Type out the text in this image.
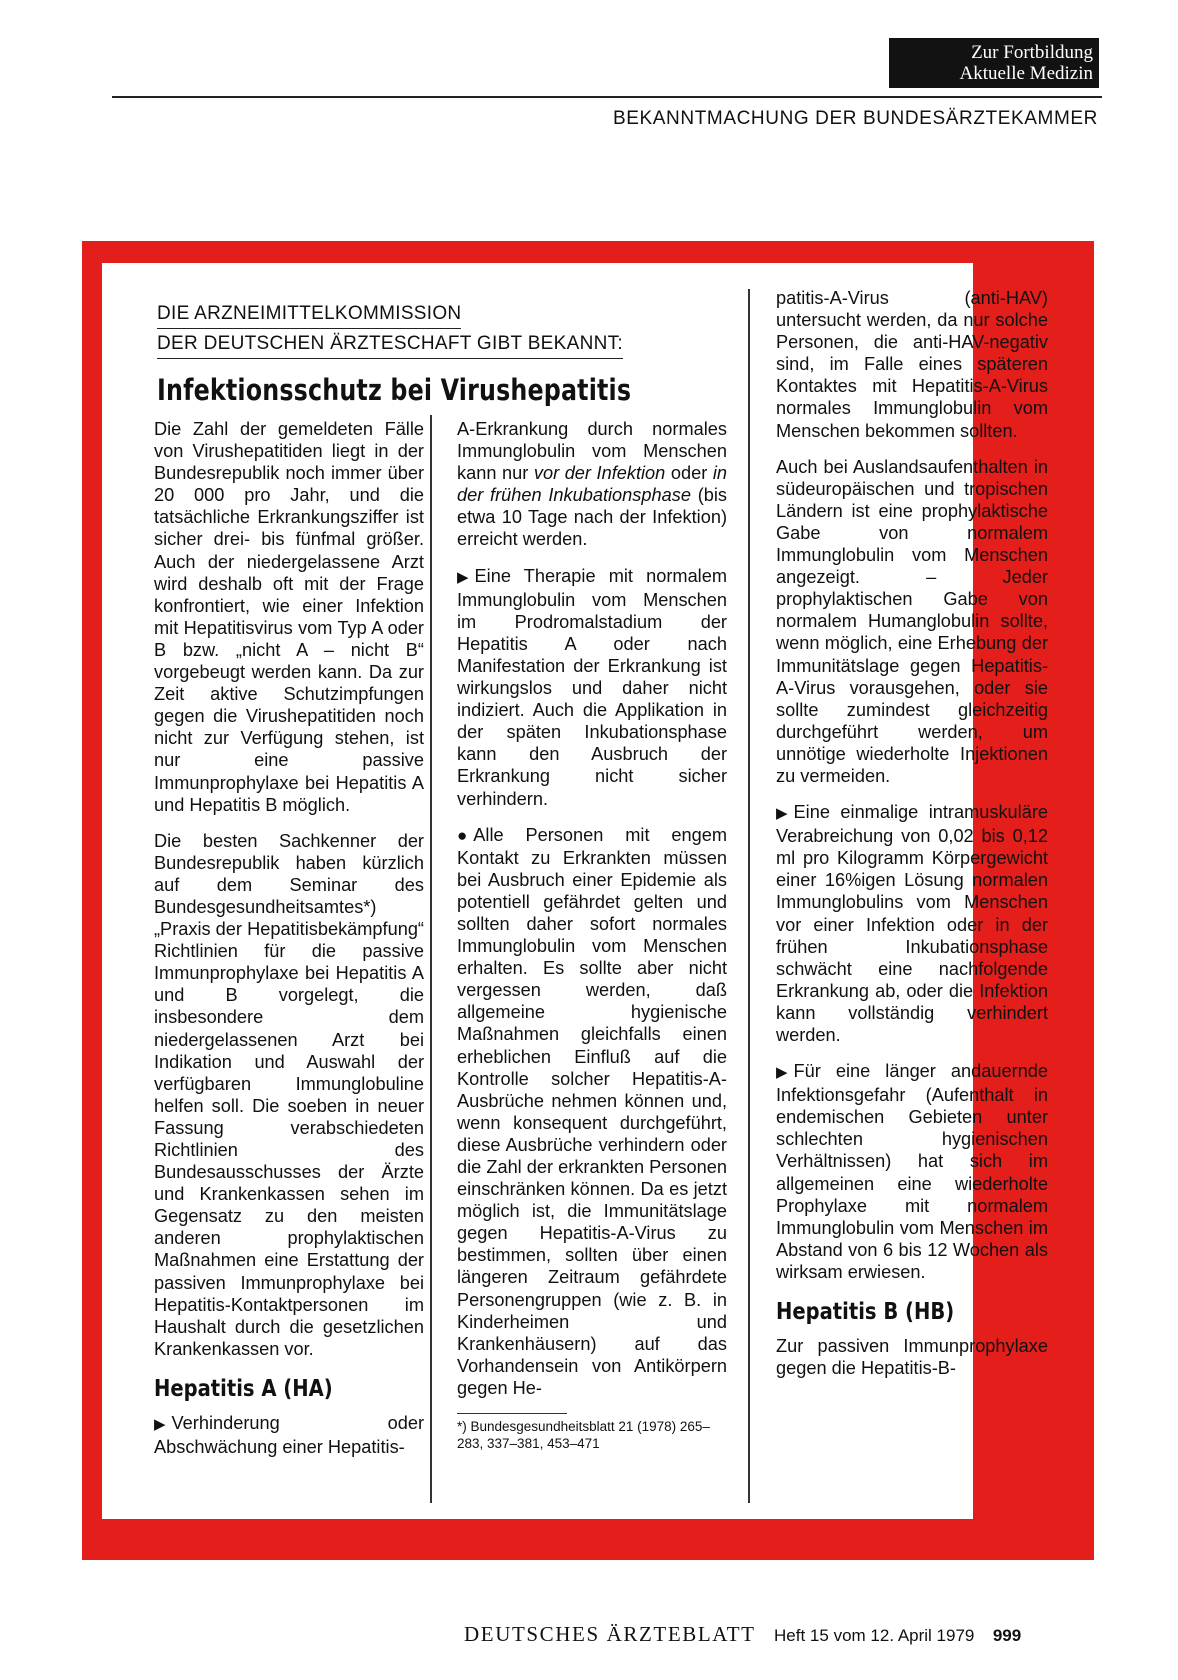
Zur Fortbildung
Aktuelle Medizin
BEKANNTMACHUNG DER BUNDESÄRZTEKAMMER
DIE ARZNEIMITTELKOMMISSION
DER DEUTSCHEN ÄRZTESCHAFT GIBT BEKANNT:
Infektionsschutz bei Virushepatitis

Die Zahl der gemeldeten Fälle von Virushepatitiden liegt in der Bundesrepublik noch immer über 20 000 pro Jahr, und die tatsächliche Erkrankungsziffer ist sicher drei- bis fünfmal größer. Auch der niedergelassene Arzt wird deshalb oft mit der Frage konfrontiert, wie einer Infektion mit Hepatitisvirus vom Typ A oder B bzw. „nicht A – nicht B“ vorgebeugt werden kann. Da zur Zeit aktive Schutzimpfungen gegen die Virushepatitiden noch nicht zur Verfügung stehen, ist nur eine passive Immunprophylaxe bei Hepatitis A und Hepatitis B möglich.

Die besten Sachkenner der Bundesrepublik haben kürzlich auf dem Seminar des Bundesgesundheitsamtes*) „Praxis der Hepatitisbekämpfung“ Richtlinien für die passive Immunprophylaxe bei Hepatitis A und B vorgelegt, die insbesondere dem niedergelassenen Arzt bei Indikation und Auswahl der verfügbaren Immunglobuline helfen soll. Die soeben in neuer Fassung verabschiedeten Richtlinien des Bundesausschusses der Ärzte und Krankenkassen sehen im Gegensatz zu den meisten anderen prophylaktischen Maßnahmen eine Erstattung der passiven Immunprophylaxe bei Hepatitis-Kontaktpersonen im Haushalt durch die gesetzlichen Krankenkassen vor.

Hepatitis A (HA)

▶ Verhinderung oder Abschwächung einer Hepatitis-

A-Erkrankung durch normales Immunglobulin vom Menschen kann nur vor der Infektion oder in der frühen Inkubationsphase (bis etwa 10 Tage nach der Infektion) erreicht werden.

▶ Eine Therapie mit normalem Immunglobulin vom Menschen im Prodromalstadium der Hepatitis A oder nach Manifestation der Erkrankung ist wirkungslos und daher nicht indiziert. Auch die Applikation in der späten Inkubationsphase kann den Ausbruch der Erkrankung nicht sicher verhindern.

● Alle Personen mit engem Kontakt zu Erkrankten müssen bei Ausbruch einer Epidemie als potentiell gefährdet gelten und sollten daher sofort normales Immunglobulin vom Menschen erhalten. Es sollte aber nicht vergessen werden, daß allgemeine hygienische Maßnahmen gleichfalls einen erheblichen Einfluß auf die Kontrolle solcher Hepatitis-A-Ausbrüche nehmen können und, wenn konsequent durchgeführt, diese Ausbrüche verhindern oder die Zahl der erkrankten Personen einschränken können. Da es jetzt möglich ist, die Immunitätslage gegen Hepatitis-A-Virus zu bestimmen, sollten über einen längeren Zeitraum gefährdete Personengruppen (wie z. B. in Kinderheimen und Krankenhäusern) auf das Vorhandensein von Antikörpern gegen He-

*) Bundesgesundheitsblatt 21 (1978) 265–283, 337–381, 453–471

patitis-A-Virus (anti-HAV) untersucht werden, da nur solche Personen, die anti-HAV-negativ sind, im Falle eines späteren Kontaktes mit Hepatitis-A-Virus normales Immunglobulin vom Menschen bekommen sollten.

Auch bei Auslandsaufenthalten in südeuropäischen und tropischen Ländern ist eine prophylaktische Gabe von normalem Immunglobulin vom Menschen angezeigt. – Jeder prophylaktischen Gabe von normalem Humanglobulin sollte, wenn möglich, eine Erhebung der Immunitätslage gegen Hepatitis-A-Virus vorausgehen, oder sie sollte zumindest gleichzeitig durchgeführt werden, um unnötige wiederholte Injektionen zu vermeiden.

▶ Eine einmalige intramuskuläre Verabreichung von 0,02 bis 0,12 ml pro Kilogramm Körpergewicht einer 16%igen Lösung normalen Immunglobulins vom Menschen vor einer Infektion oder in der frühen Inkubationsphase schwächt eine nachfolgende Erkrankung ab, oder die Infektion kann vollständig verhindert werden.

▶ Für eine länger andauernde Infektionsgefahr (Aufenthalt in endemischen Gebieten unter schlechten hygienischen Verhältnissen) hat sich im allgemeinen eine wiederholte Prophylaxe mit normalem Immunglobulin vom Menschen im Abstand von 6 bis 12 Wochen als wirksam erwiesen.

Hepatitis B (HB)

Zur passiven Immunprophylaxe gegen die Hepatitis-B-

DEUTSCHES ÄRZTEBLATT Heft 15 vom 12. April 1979 999
